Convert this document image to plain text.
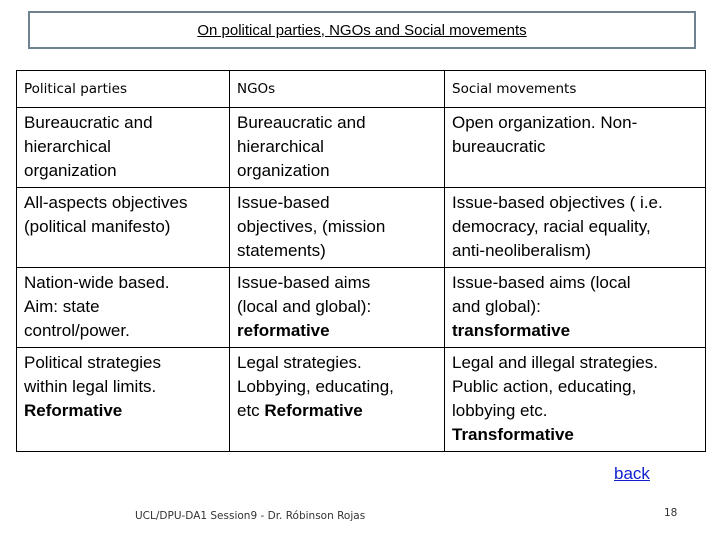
On political parties, NGOs and Social movements
Political parties	NGOs	Social movements

Bureaucratic and
hierarchical
organization	Bureaucratic and
hierarchical
organization	Open organization. Non-
bureaucratic

All-aspects objectives
(political manifesto)	Issue-based
objectives, (mission
statements)	Issue-based objectives ( i.e.
democracy, racial equality,
anti-neoliberalism)

Nation-wide based.
Aim: state
control/power.	Issue-based aims
(local and global):
reformative	Issue-based aims (local
and global):
transformative

Political strategies
within legal limits.
Reformative	Legal strategies.
Lobbying, educating,
etc Reformative	Legal and illegal strategies.
Public action, educating,
lobbying etc.
Transformative
back
UCL/DPU-DA1 Session9 - Dr. Róbinson Rojas	18
